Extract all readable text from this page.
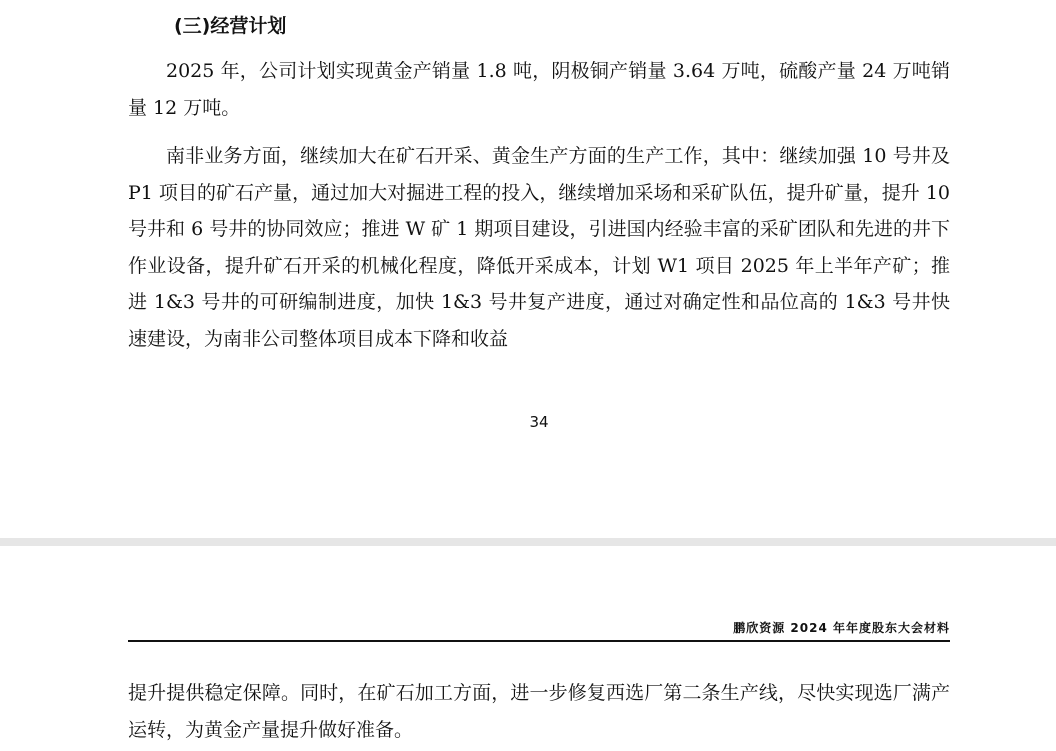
(三)经营计划

2025 年，公司计划实现黄金产销量 1.8 吨，阴极铜产销量 3.64 万吨，硫酸产量 24 万吨销量 12 万吨。

南非业务方面，继续加大在矿石开采、黄金生产方面的生产工作，其中：继续加强 10 号井及 P1 项目的矿石产量，通过加大对掘进工程的投入，继续增加采场和采矿队伍，提升矿量，提升 10 号井和 6 号井的协同效应；推进 W 矿 1 期项目建设，引进国内经验丰富的采矿团队和先进的井下作业设备，提升矿石开采的机械化程度，降低开采成本，计划 W1 项目 2025 年上半年产矿；推进 1&3 号井的可研编制进度，加快 1&3 号井复产进度，通过对确定性和品位高的 1&3 号井快速建设，为南非公司整体项目成本下降和收益

34
鹏欣资源 2024 年年度股东大会材料

提升提供稳定保障。同时，在矿石加工方面，进一步修复西选厂第二条生产线，尽快实现选厂满产运转，为黄金产量提升做好准备。
